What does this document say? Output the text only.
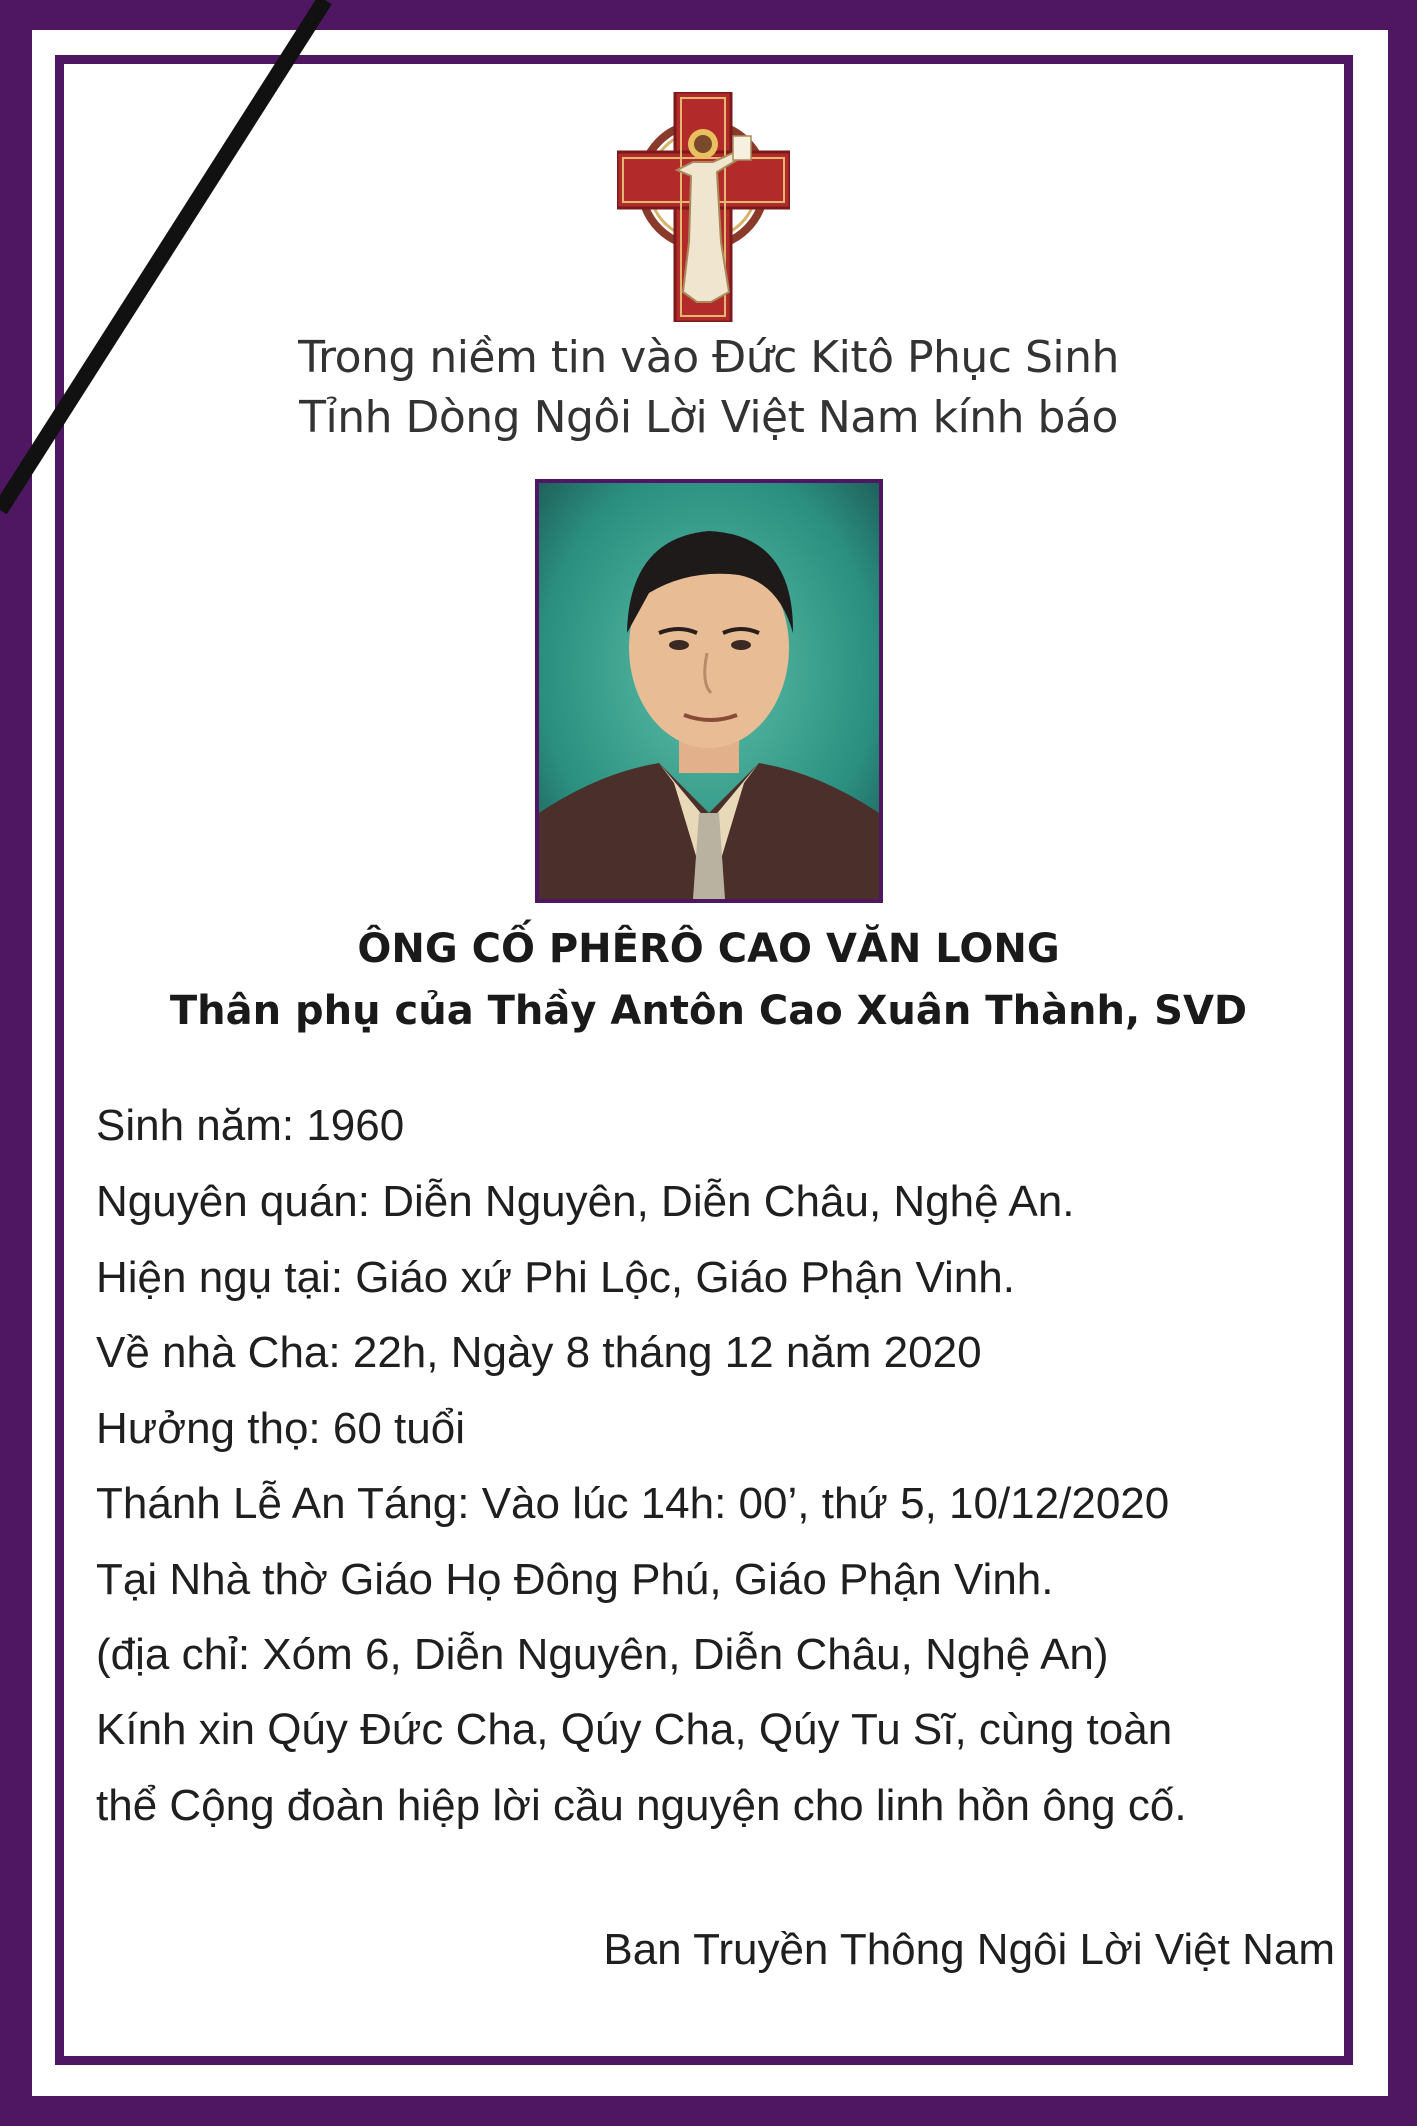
Trong niềm tin vào Đức Kitô Phục Sinh
Tỉnh Dòng Ngôi Lời Việt Nam kính báo
ÔNG CỐ PHÊRÔ CAO VĂN LONG
Thân phụ của Thầy Antôn Cao Xuân Thành, SVD
Sinh năm: 1960
Nguyên quán: Diễn Nguyên, Diễn Châu, Nghệ An.
Hiện ngụ tại: Giáo xứ Phi Lộc, Giáo Phận Vinh.
Về nhà Cha: 22h, Ngày 8 tháng 12 năm 2020
Hưởng thọ: 60 tuổi
Thánh Lễ An Táng: Vào lúc 14h: 00’, thứ 5, 10/12/2020
Tại Nhà thờ Giáo Họ Đông Phú, Giáo Phận Vinh.
(địa chỉ: Xóm 6, Diễn Nguyên, Diễn Châu, Nghệ An)
Kính xin Qúy Đức Cha, Qúy Cha, Qúy Tu Sĩ, cùng toàn
thể Cộng đoàn hiệp lời cầu nguyện cho linh hồn ông cố.
Ban Truyền Thông Ngôi Lời Việt Nam
